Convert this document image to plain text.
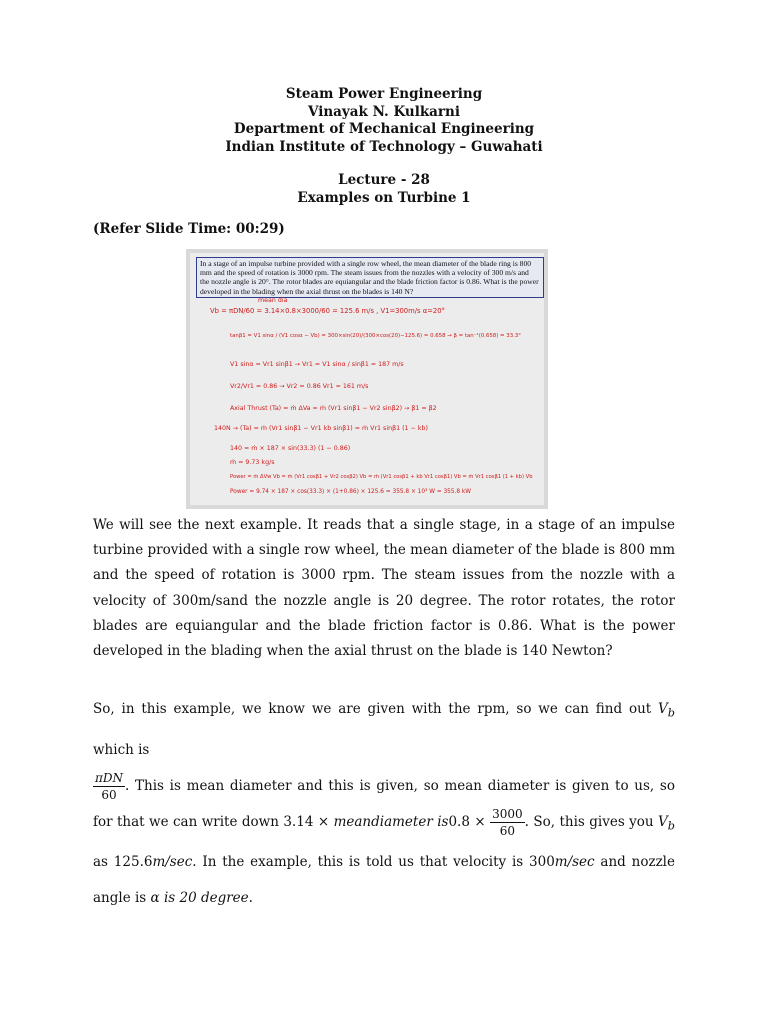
Steam Power Engineering
Vinayak N. Kulkarni
Department of Mechanical Engineering
Indian Institute of Technology – Guwahati
Lecture - 28
Examples on Turbine 1
(Refer Slide Time: 00:29)
In a stage of an impulse turbine provided with a single row wheel, the mean diameter of the blade ring is 800 mm and the speed of rotation is 3000 rpm. The steam issues from the nozzles with a velocity of 300 m/s and the nozzle angle is 20°. The rotor blades are equiangular and the blade friction factor is 0.86. What is the power developed in the blading when the axial thrust on the blades is 140 N?
mean dia
Vb = πDN/60 = 3.14×0.8×3000/60 = 125.6 m/s , V1=300m/s α=20°
tanβ1 = V1 sinα / (V1 cosα − Vb) = 300×sin(20)/(300×cos(20)−125.6) = 0.658 → β = tan⁻¹(0.658) = 33.3°
V1 sinα = Vr1 sinβ1 → Vr1 = V1 sinα / sinβ1 = 187 m/s
Vr2/Vr1 = 0.86 → Vr2 = 0.86 Vr1 = 161 m/s
Axial Thrust (Ta) = ṁ ΔVa = ṁ (Vr1 sinβ1 − Vr2 sinβ2) → β1 = β2
140N → (Ta) = ṁ (Vr1 sinβ1 − Vr1 kb sinβ1) = ṁ Vr1 sinβ1 (1 − kb)
140 = ṁ × 187 × sin(33.3) (1 − 0.86)
ṁ = 9.73 kg/s
Power = ṁ ΔVw Vb = ṁ (Vr1 cosβ1 + Vr2 cosβ2) Vb = ṁ (Vr1 cosβ1 + kb Vr1 cosβ1) Vb = ṁ Vr1 cosβ1 (1 + kb) Vb
Power = 9.74 × 187 × cos(33.3) × (1+0.86) × 125.6 = 355.8 × 10³ W = 355.8 kW
We will see the next example. It reads that a single stage, in a stage of an impulse turbine provided with a single row wheel, the mean diameter of the blade is 800 mm and the speed of rotation is 3000 rpm. The steam issues from the nozzle with a velocity of 300m/sand the nozzle angle is 20 degree. The rotor rotates, the rotor blades are equiangular and the blade friction factor is 0.86. What is the power developed in the blading when the axial thrust on the blade is 140 Newton?
So, in this example, we know we are given with the rpm, so we can find out $V_b$ which is

$\frac{\text{πDN}}{60}$ . This is mean diameter and this is given, so mean diameter is given to us, so for that we can write down 3.14 × meandiameter $is0.8 \times \frac{3000}{60}$ . So, this gives you $V_b$ as 125.6m/sec. In the example, this is told us that velocity is 300m/sec and nozzle angle is α is 20 degree.
